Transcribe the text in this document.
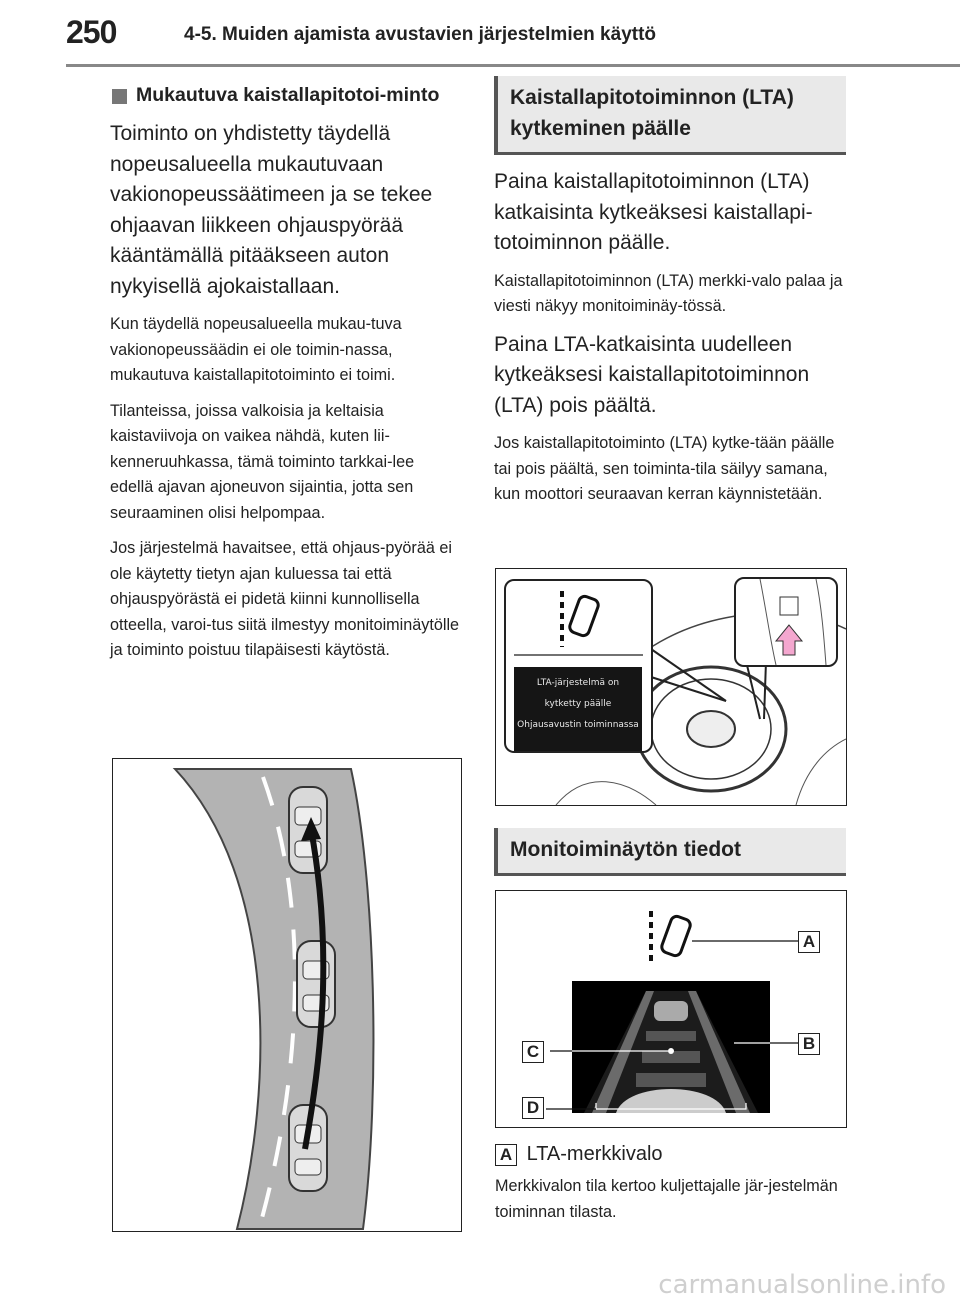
250	4-5. Muiden ajamista avustavien järjestelmien käyttö
Mukautuva kaistallapitotoi-minto

Toiminto on yhdistetty täydellä nopeusalueella mukautuvaan vakionopeussäätimeen ja se tekee ohjaavan liikkeen ohjauspyörää kääntämällä pitääkseen auton nykyisellä ajokaistallaan.

Kun täydellä nopeusalueella mukau-tuva vakionopeussäädin ei ole toimin-nassa, mukautuva kaistallapitotoiminto ei toimi.

Tilanteissa, joissa valkoisia ja keltaisia kaistaviivoja on vaikea nähdä, kuten lii-kenneruuhkassa, tämä toiminto tarkkai-lee edellä ajavan ajoneuvon sijaintia, jotta sen seuraaminen olisi helpompaa.

Jos järjestelmä havaitsee, että ohjaus-pyörää ei ole käytetty tietyn ajan kuluessa tai että ohjauspyörästä ei pidetä kiinni kunnollisella otteella, varoi-tus siitä ilmestyy monitoiminäytölle ja toiminto poistuu tilapäisesti käytöstä.

Kaistallapitotoiminnon (LTA) kytkeminen päälle

Paina kaistallapitotoiminnon (LTA) katkaisinta kytkeäksesi kaistallapi-totoiminnon päälle.

Kaistallapitotoiminnon (LTA) merkki-valo palaa ja viesti näkyy monitoiminäy-tössä.

Paina LTA-katkaisinta uudelleen kytkeäksesi kaistallapitotoiminnon (LTA) pois päältä.

Jos kaistallapitotoiminto (LTA) kytke-tään päälle tai pois päältä, sen toiminta-tila säilyy samana, kun moottori seuraavan kerran käynnistetään.

LTA-järjestelmä on
kytketty päälle
Ohjausavustin toiminnassa
Monitoiminäytön tiedot
A
B
C
D
A LTA-merkkivalo

Merkkivalon tila kertoo kuljettajalle jär-jestelmän toiminnan tilasta.

carmanualsonline.info
